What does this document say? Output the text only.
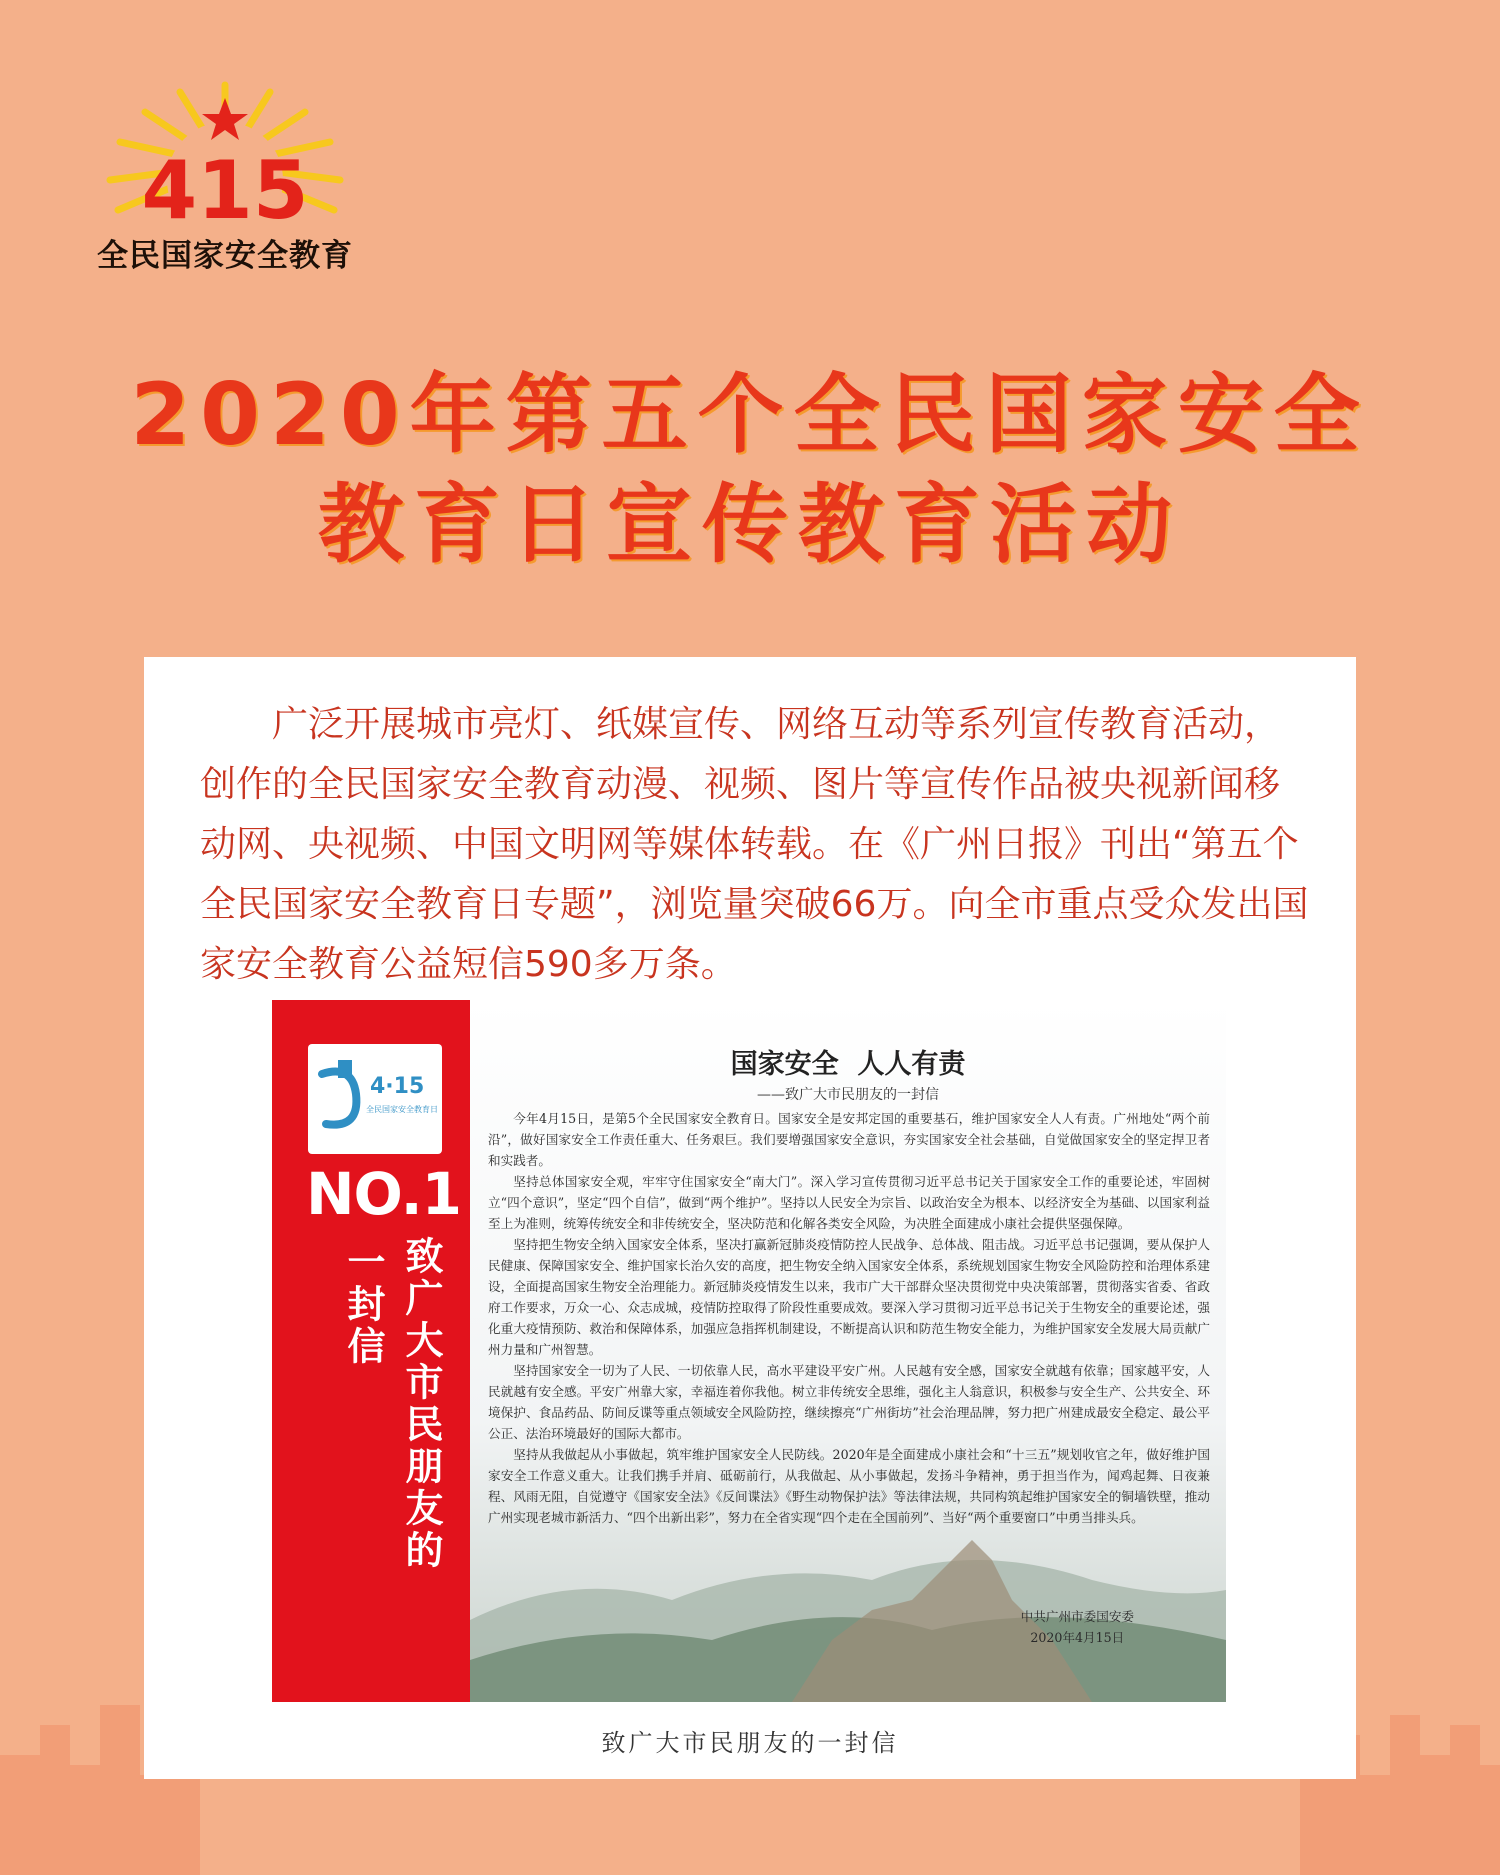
415
全民国家安全教育
2020年第五个全民国家安全
教育日宣传教育活动

广泛开展城市亮灯、纸媒宣传、网络互动等系列宣传教育活动，创作的全民国家安全教育动漫、视频、图片等宣传作品被央视新闻移动网、央视频、中国文明网等媒体转载。在《广州日报》刊出“第五个全民国家安全教育日专题”，浏览量突破66万。向全市重点受众发出国家安全教育公益短信590多万条。

4·15
全民国家安全教育日
NO.1
一封信 致广大市民朋友的
国家安全  人人有责
——致广大市民朋友的一封信

今年4月15日，是第5个全民国家安全教育日。国家安全是安邦定国的重要基石，维护国家安全人人有责。广州地处“两个前沿”，做好国家安全工作责任重大、任务艰巨。我们要增强国家安全意识，夯实国家安全社会基础，自觉做国家安全的坚定捍卫者和实践者。

坚持总体国家安全观，牢牢守住国家安全“南大门”。深入学习宣传贯彻习近平总书记关于国家安全工作的重要论述，牢固树立“四个意识”，坚定“四个自信”，做到“两个维护”。坚持以人民安全为宗旨、以政治安全为根本、以经济安全为基础、以国家利益至上为准则，统筹传统安全和非传统安全，坚决防范和化解各类安全风险，为决胜全面建成小康社会提供坚强保障。

坚持把生物安全纳入国家安全体系，坚决打赢新冠肺炎疫情防控人民战争、总体战、阻击战。习近平总书记强调，要从保护人民健康、保障国家安全、维护国家长治久安的高度，把生物安全纳入国家安全体系，系统规划国家生物安全风险防控和治理体系建设，全面提高国家生物安全治理能力。新冠肺炎疫情发生以来，我市广大干部群众坚决贯彻党中央决策部署，贯彻落实省委、省政府工作要求，万众一心、众志成城，疫情防控取得了阶段性重要成效。要深入学习贯彻习近平总书记关于生物安全的重要论述，强化重大疫情预防、救治和保障体系，加强应急指挥机制建设，不断提高认识和防范生物安全能力，为维护国家安全发展大局贡献广州力量和广州智慧。

坚持国家安全一切为了人民、一切依靠人民，高水平建设平安广州。人民越有安全感，国家安全就越有依靠；国家越平安，人民就越有安全感。平安广州靠大家，幸福连着你我他。树立非传统安全思维，强化主人翁意识，积极参与安全生产、公共安全、环境保护、食品药品、防间反谍等重点领域安全风险防控，继续擦亮“广州街坊”社会治理品牌，努力把广州建成最安全稳定、最公平公正、法治环境最好的国际大都市。

坚持从我做起从小事做起，筑牢维护国家安全人民防线。2020年是全面建成小康社会和“十三五”规划收官之年，做好维护国家安全工作意义重大。让我们携手并肩、砥砺前行，从我做起、从小事做起，发扬斗争精神，勇于担当作为，闻鸡起舞、日夜兼程、风雨无阻，自觉遵守《国家安全法》《反间谍法》《野生动物保护法》等法律法规，共同构筑起维护国家安全的铜墙铁壁，推动广州实现老城市新活力、“四个出新出彩”，努力在全省实现“四个走在全国前列”、当好“两个重要窗口”中勇当排头兵。

中共广州市委国安委
2020年4月15日
致广大市民朋友的一封信
